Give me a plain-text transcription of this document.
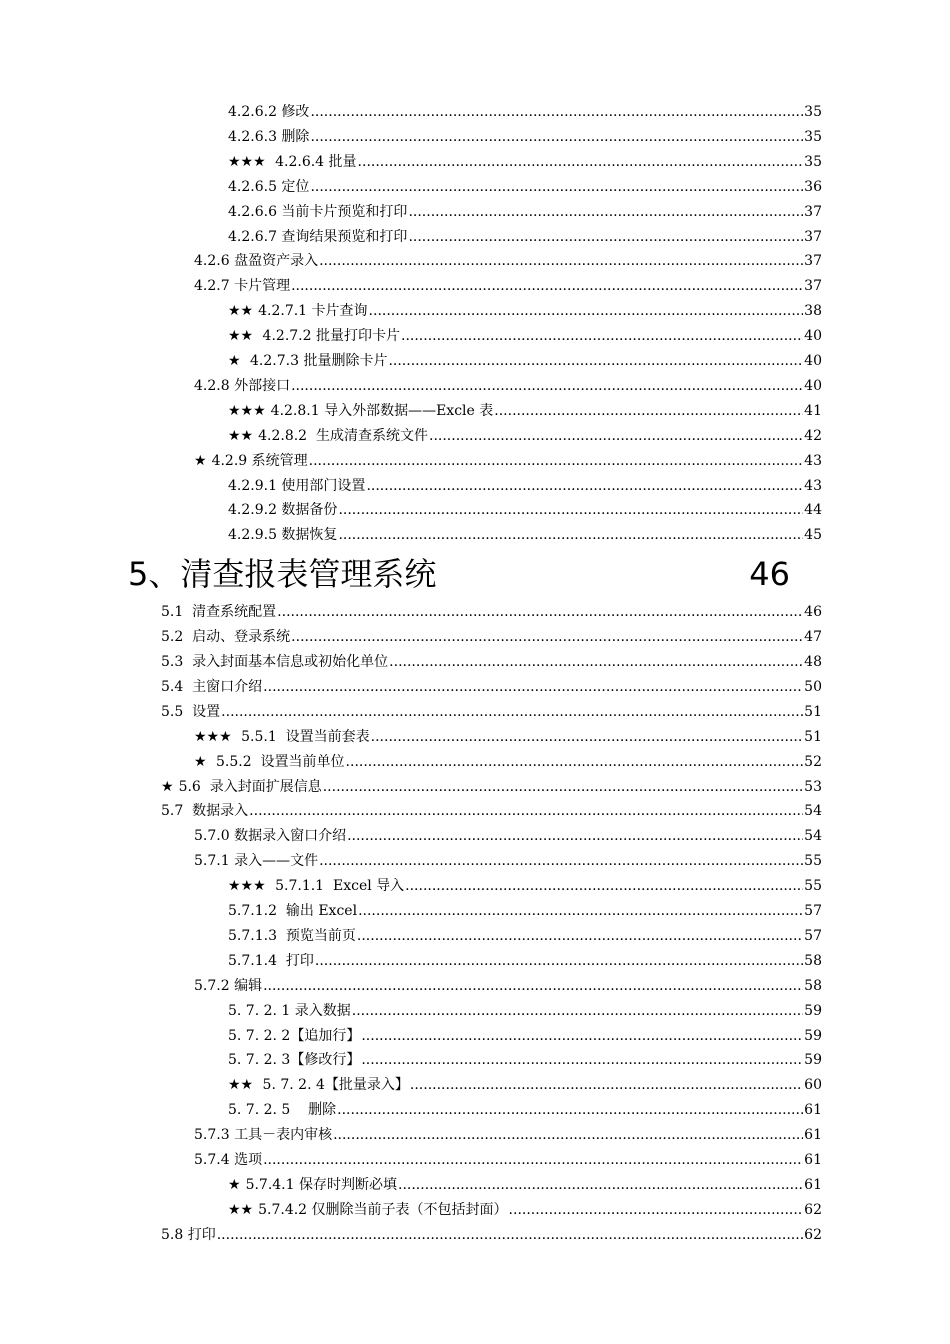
4.2.6.2 修改 .....	35
4.2.6.3 删除 .....	35
★★★ 4.2.6.4 批量 .....	35
4.2.6.5 定位 .....	36
4.2.6.6 当前卡片预览和打印 .....	37
4.2.6.7 查询结果预览和打印 .....	37
4.2.6 盘盈资产录入 .....	37
4.2.7 卡片管理 .....	37
★★ 4.2.7.1 卡片查询 .....	38
★★ 4.2.7.2 批量打印卡片 .....	40
★ 4.2.7.3 批量删除卡片 .....	40
4.2.8 外部接口 .....	40
★★★ 4.2.8.1 导入外部数据——Excle 表 .....	41
★★ 4.2.8.2  生成清查系统文件 .....	42
★ 4.2.9 系统管理 .....	43
4.2.9.1 使用部门设置 .....	43
4.2.9.2 数据备份 .....	44
4.2.9.5 数据恢复 .....	45
5、清查报表管理系统 .....	46
5.1  清查系统配置 .....	46
5.2  启动、登录系统 .....	47
5.3  录入封面基本信息或初始化单位 .....	48
5.4  主窗口介绍 .....	50
5.5  设置 .....	51
★★★ 5.5.1  设置当前套表 .....	51
★ 5.5.2  设置当前单位 .....	52
★ 5.6  录入封面扩展信息 .....	53
5.7  数据录入 .....	54
5.7.0 数据录入窗口介绍 .....	54
5.7.1 录入——文件 .....	55
★★★ 5.7.1.1  Excel 导入 .....	55
5.7.1.2  输出 Excel .....	57
5.7.1.3  预览当前页 .....	57
5.7.1.4  打印 .....	58
5.7.2 编辑 .....	58
5. 7. 2. 1 录入数据 .....	59
5. 7. 2. 2【追加行】 .....	59
5. 7. 2. 3【修改行】 .....	59
★★ 5. 7. 2. 4【批量录入】 .....	60
5. 7. 2. 5    删除 .....	61
5.7.3 工具－表内审核 .....	61
5.7.4 选项 .....	61
★ 5.7.4.1 保存时判断必填 .....	61
★★ 5.7.4.2 仅删除当前子表（不包括封面） .....	62
5.8 打印 .....	62
